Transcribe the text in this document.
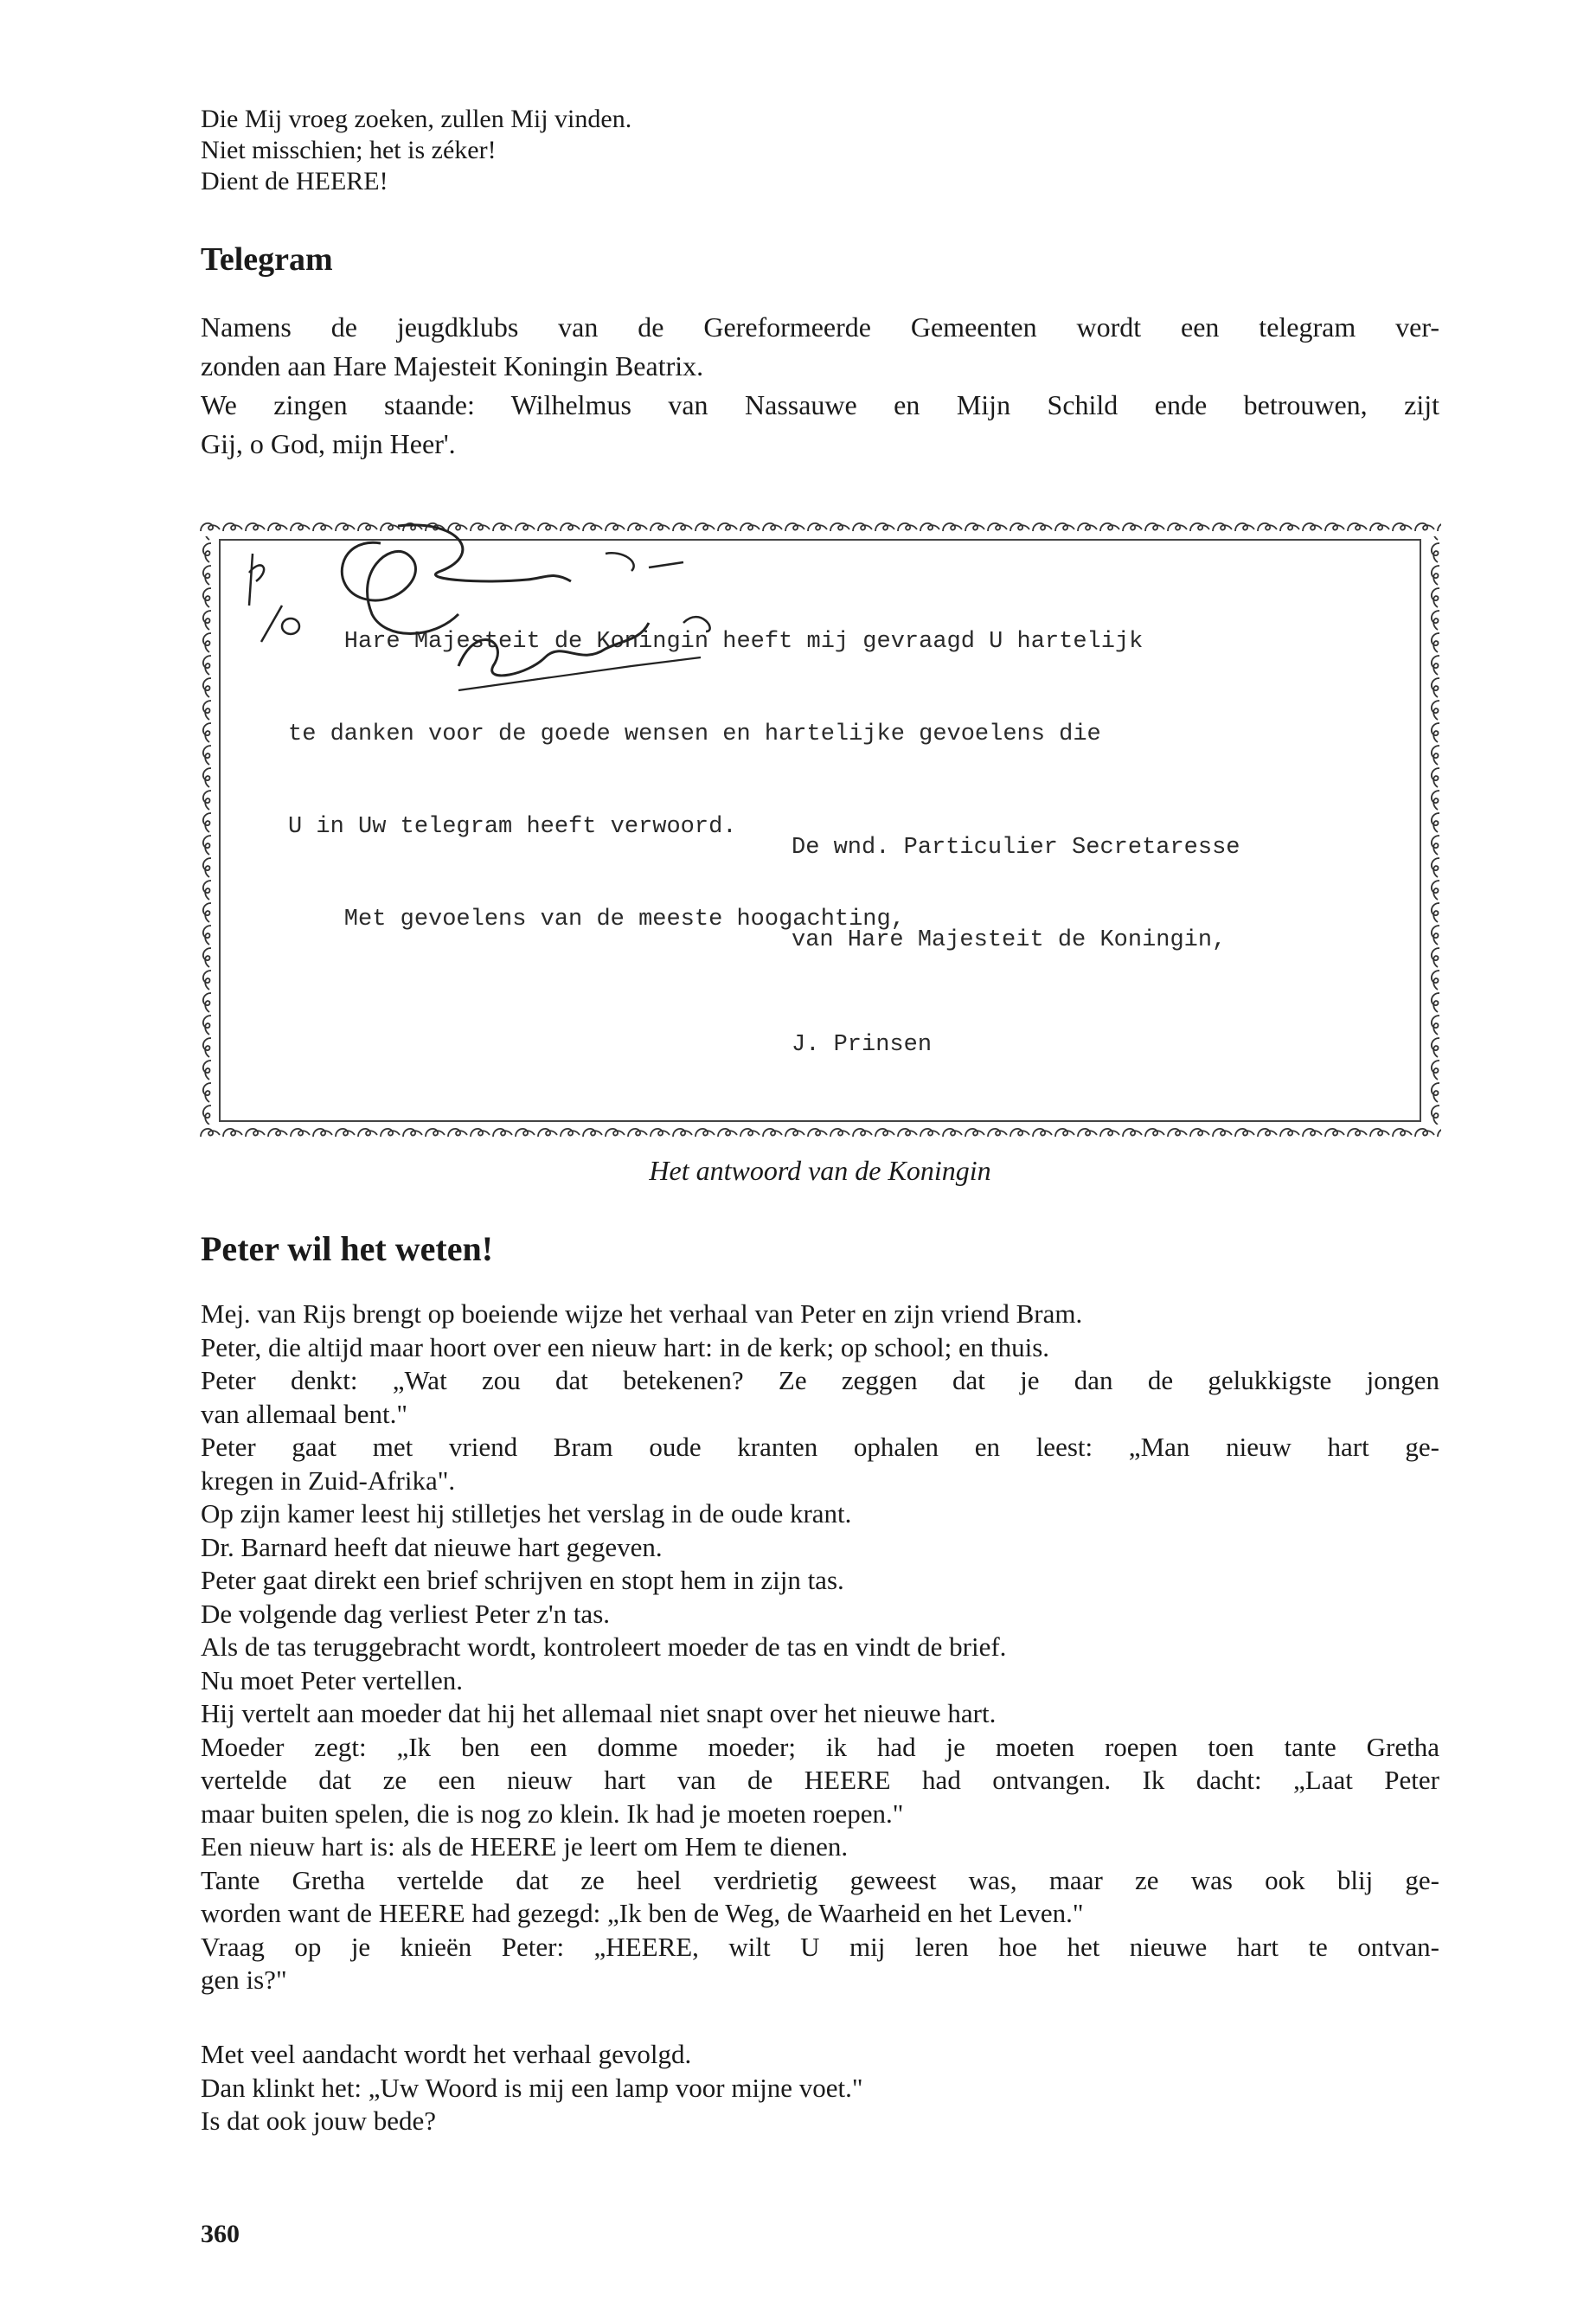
Die Mij vroeg zoeken, zullen Mij vinden.
Niet misschien; het is zéker!
Dient de HEERE!
Telegram
Namens de jeugdklubs van de Gereformeerde Gemeenten wordt een telegram ver-
zonden aan Hare Majesteit Koningin Beatrix.
We zingen staande: Wilhelmus van Nassauwe en Mijn Schild ende betrouwen, zijt
Gij, o God, mijn Heer'.

Hare Majesteit de Koningin heeft mij gevraagd U hartelijk

te danken voor de goede wensen en hartelijke gevoelens die

U in Uw telegram heeft verwoord.

Met gevoelens van de meeste hoogachting,

De wnd. Particulier Secretaresse

van Hare Majesteit de Koningin,

J. Prinsen

Het antwoord van de Koningin

Peter wil het weten!
Mej. van Rijs brengt op boeiende wijze het verhaal van Peter en zijn vriend Bram.
Peter, die altijd maar hoort over een nieuw hart: in de kerk; op school; en thuis.
Peter denkt: „Wat zou dat betekenen? Ze zeggen dat je dan de gelukkigste jongen
van allemaal bent."
Peter gaat met vriend Bram oude kranten ophalen en leest: „Man nieuw hart ge-
kregen in Zuid-Afrika".
Op zijn kamer leest hij stilletjes het verslag in de oude krant.
Dr. Barnard heeft dat nieuwe hart gegeven.
Peter gaat direkt een brief schrijven en stopt hem in zijn tas.
De volgende dag verliest Peter z'n tas.
Als de tas teruggebracht wordt, kontroleert moeder de tas en vindt de brief.
Nu moet Peter vertellen.
Hij vertelt aan moeder dat hij het allemaal niet snapt over het nieuwe hart.
Moeder zegt: „Ik ben een domme moeder; ik had je moeten roepen toen tante Gretha
vertelde dat ze een nieuw hart van de HEERE had ontvangen. Ik dacht: „Laat Peter
maar buiten spelen, die is nog zo klein. Ik had je moeten roepen."
Een nieuw hart is: als de HEERE je leert om Hem te dienen.
Tante Gretha vertelde dat ze heel verdrietig geweest was, maar ze was ook blij ge-
worden want de HEERE had gezegd: „Ik ben de Weg, de Waarheid en het Leven."
Vraag op je knieën Peter: „HEERE, wilt U mij leren hoe het nieuwe hart te ontvan-
gen is?"
Met veel aandacht wordt het verhaal gevolgd.
Dan klinkt het: „Uw Woord is mij een lamp voor mijne voet."
Is dat ook jouw bede?

360
